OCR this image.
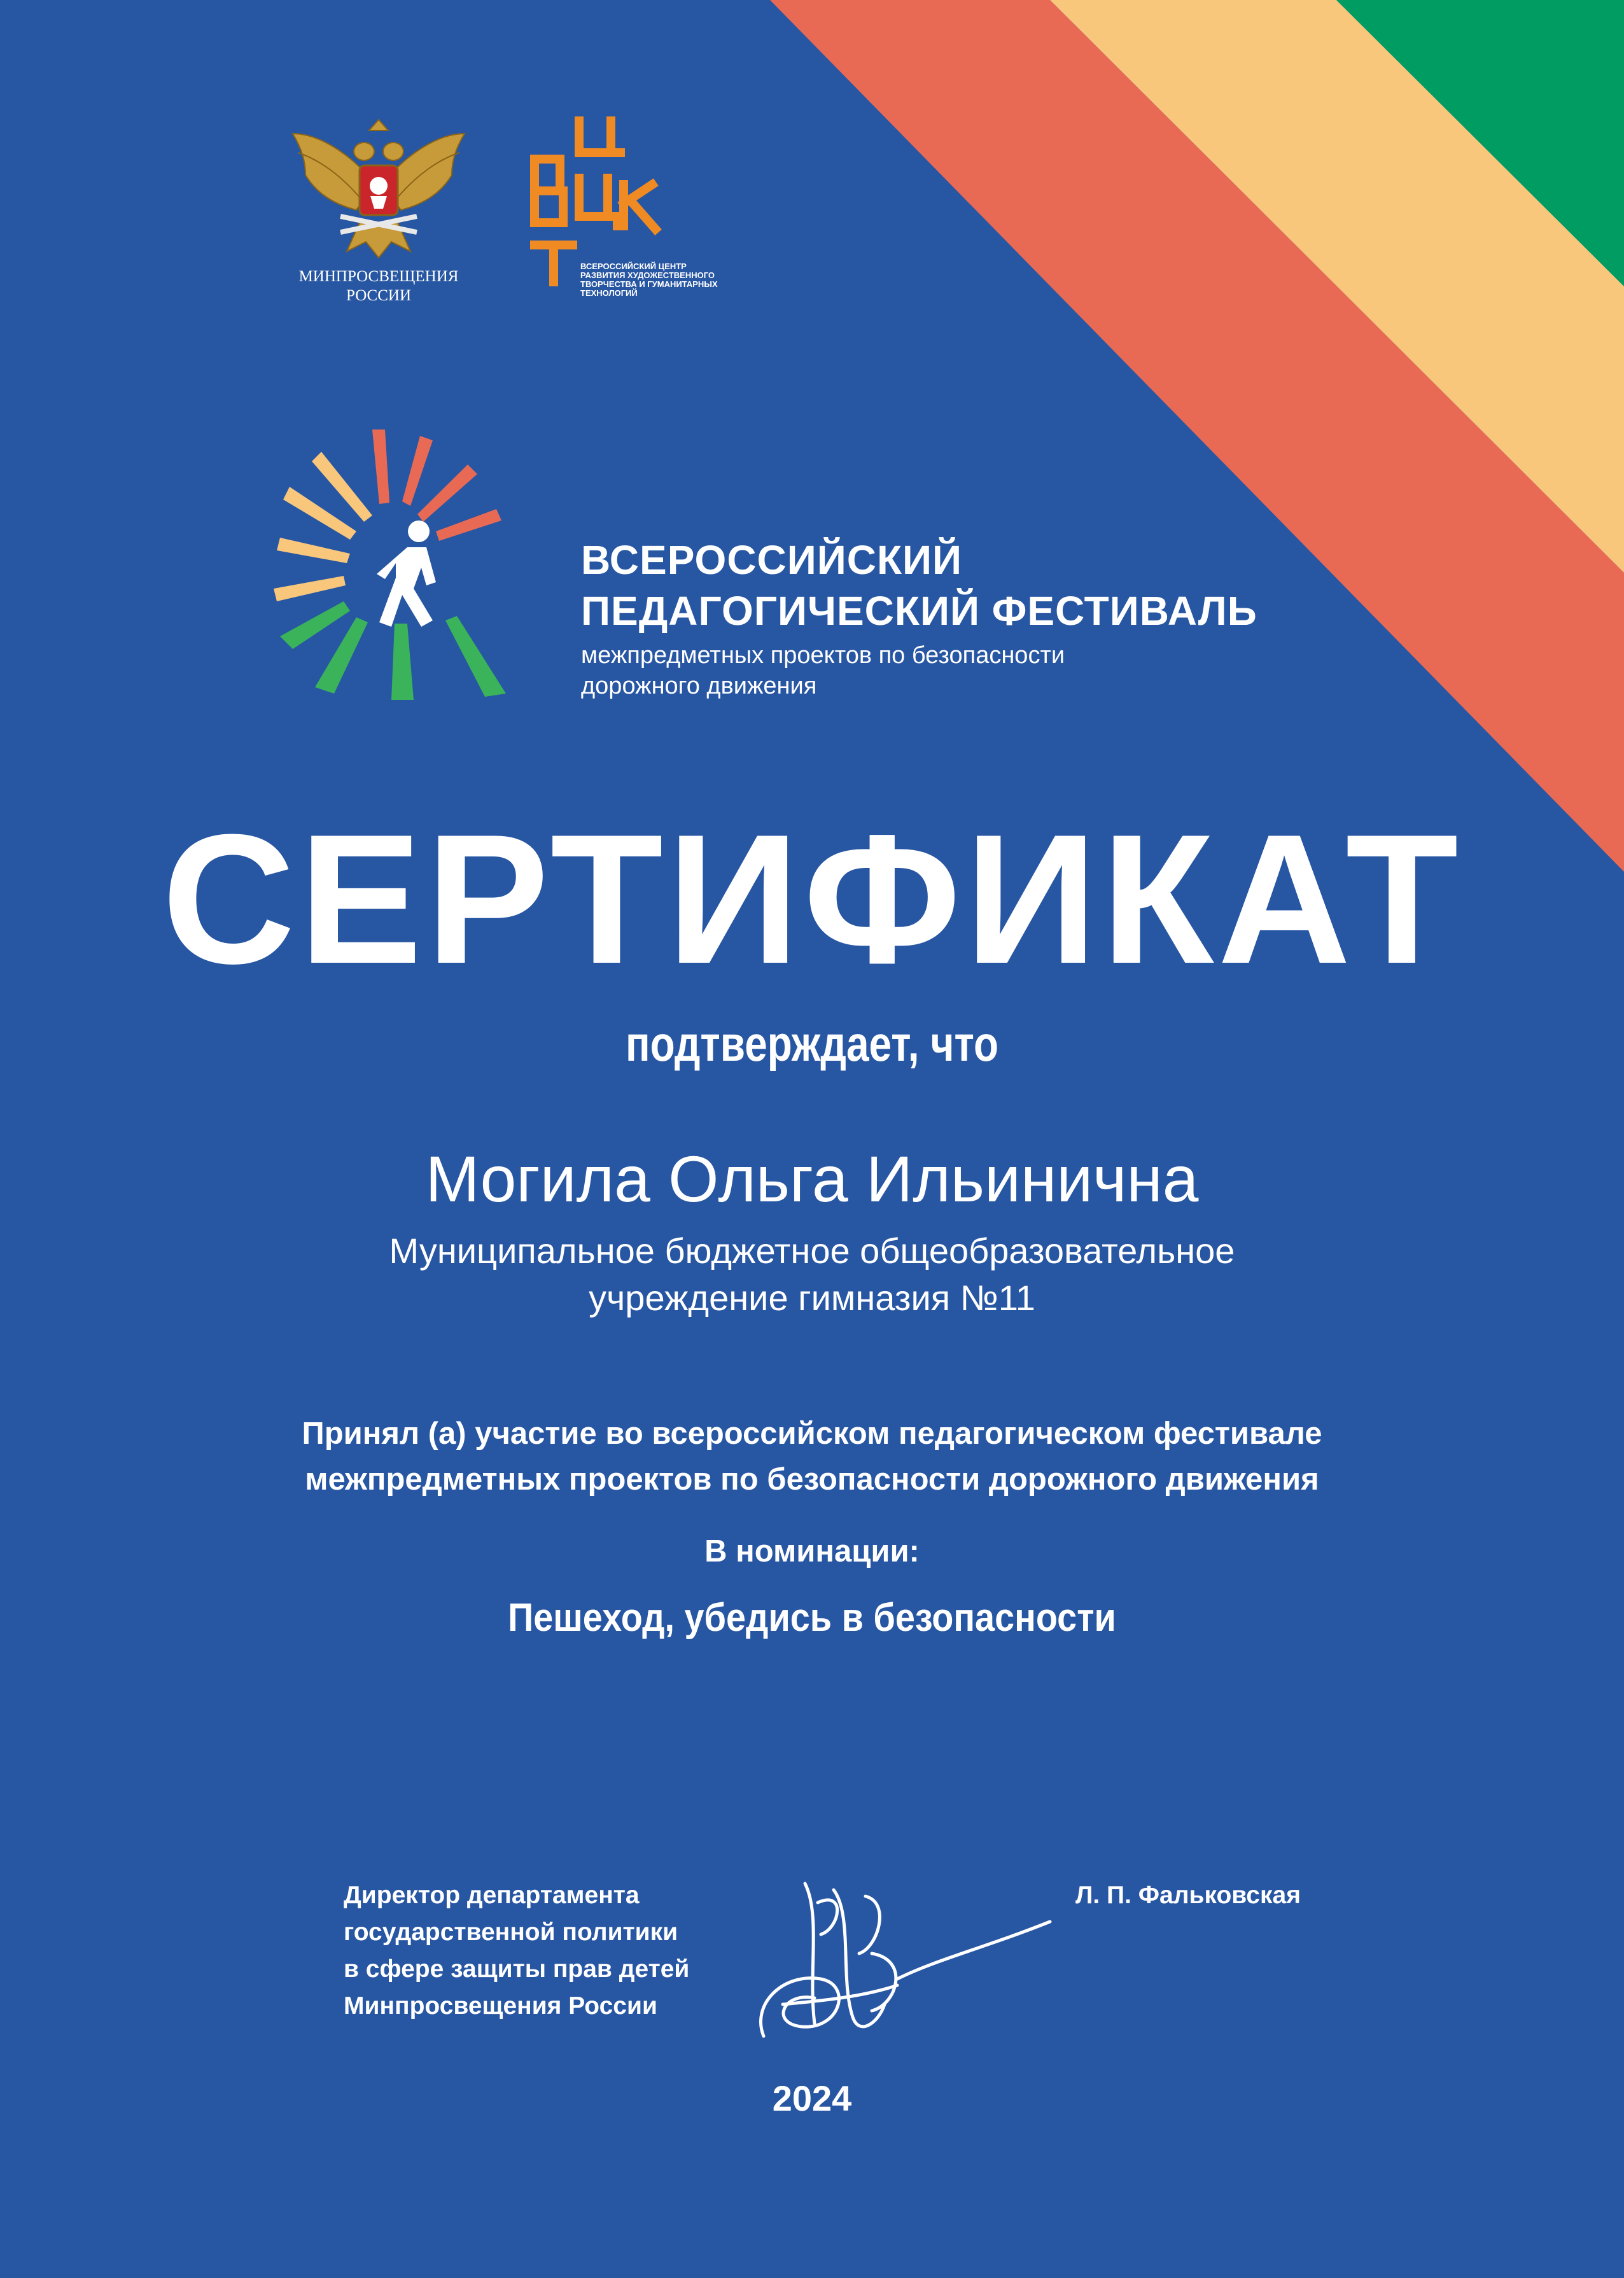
МИНПРОСВЕЩЕНИЯ
РОССИИ
ВСЕРОССИЙСКИЙ ЦЕНТР
РАЗВИТИЯ ХУДОЖЕСТВЕННОГО
ТВОРЧЕСТВА И ГУМАНИТАРНЫХ
ТЕХНОЛОГИЙ
ВСЕРОССИЙСКИЙ
ПЕДАГОГИЧЕСКИЙ ФЕСТИВАЛЬ
межпредметных проектов по безопасности
дорожного движения
СЕРТИФИКАТ
подтверждает, что
Могила Ольга Ильинична
Муниципальное бюджетное общеобразовательное
учреждение гимназия №11
Принял (а) участие во всероссийском педагогическом фестивале
межпредметных проектов по безопасности дорожного движения
В номинации:
Пешеход, убедись в безопасности
Директор департамента
государственной политики
в сфере защиты прав детей
Минпросвещения России
Л. П. Фальковская
2024
